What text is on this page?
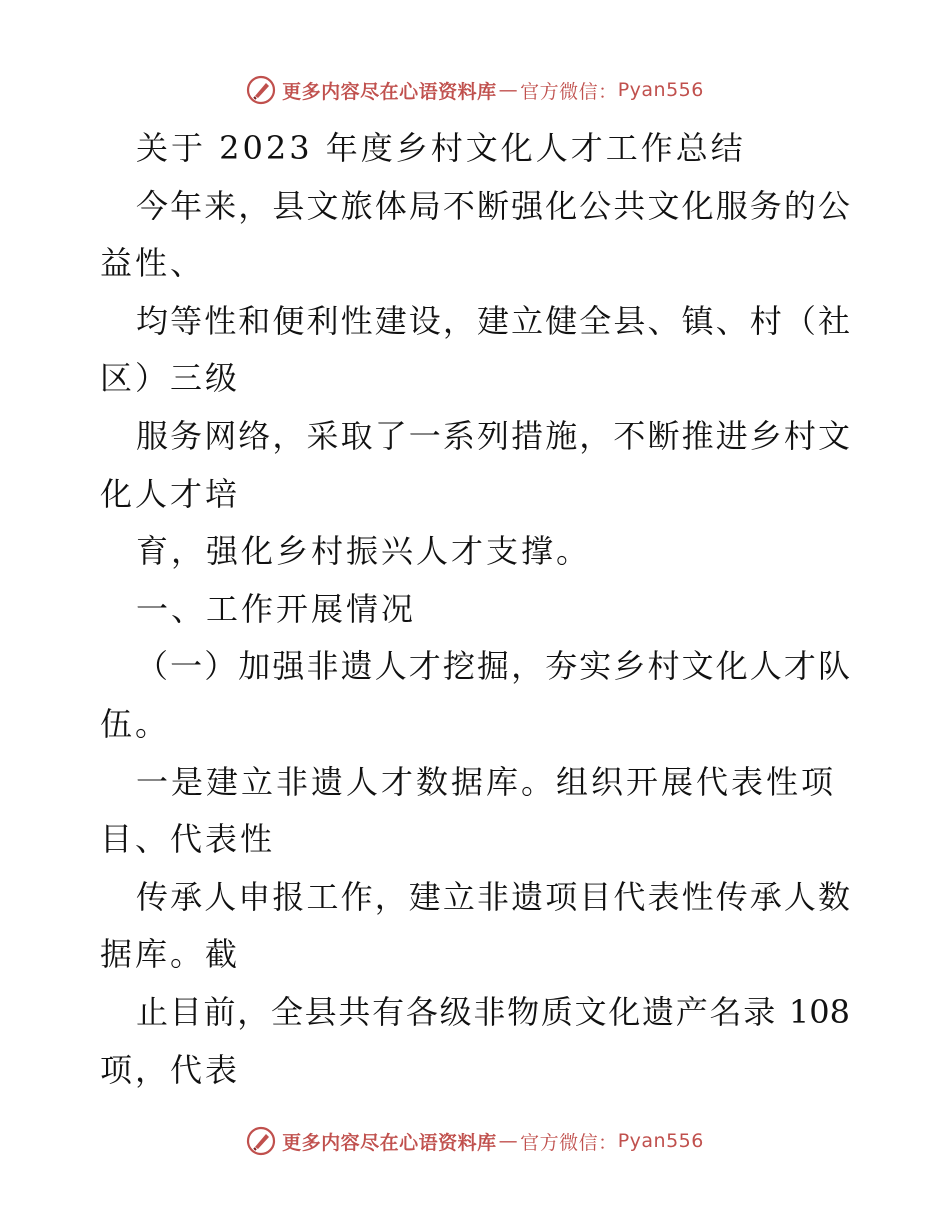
更多内容尽在心语资料库 — 官方微信： Pyan556
关于 2023 年度乡村文化人才工作总结
今年来，县文旅体局不断强化公共文化服务的公
益性、
均等性和便利性建设，建立健全县、镇、村（社
区）三级
服务网络，采取了一系列措施，不断推进乡村文
化人才培
育，强化乡村振兴人才支撑。
一、工作开展情况
（一）加强非遗人才挖掘，夯实乡村文化人才队
伍。
一是建立非遗人才数据库。组织开展代表性项
目、代表性
传承人申报工作，建立非遗项目代表性传承人数
据库。截
止目前，全县共有各级非物质文化遗产名录 108
项，代表
更多内容尽在心语资料库 — 官方微信： Pyan556
